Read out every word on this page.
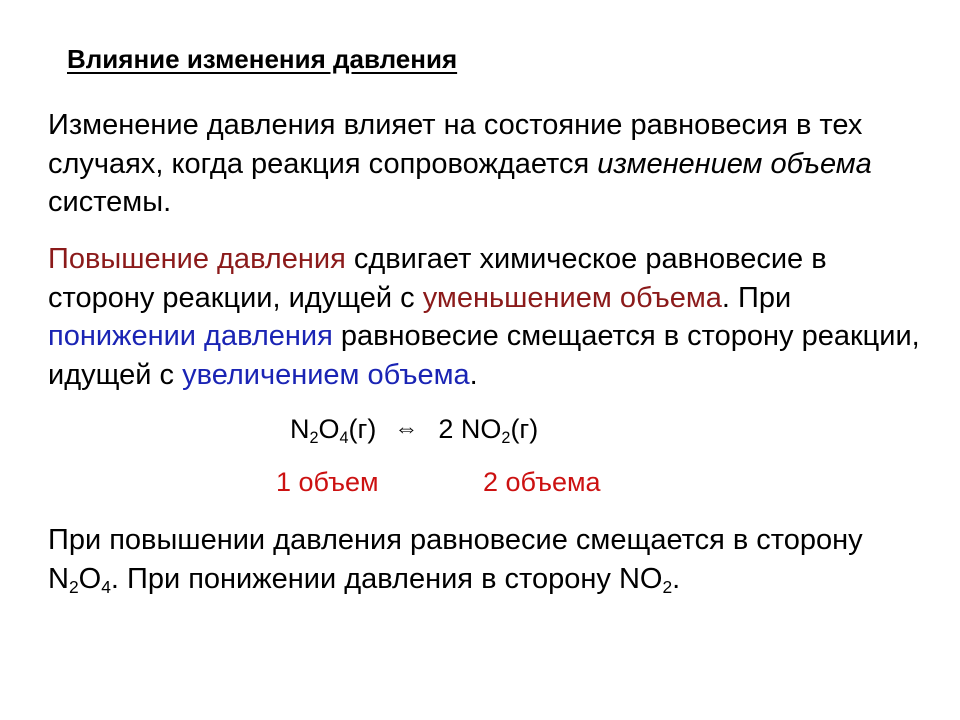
Влияние изменения давления
Изменение давления влияет на состояние равновесия в тех случаях, когда реакция сопровождается изменением объема системы.
Повышение давления сдвигает химическое равновесие в сторону реакции, идущей с уменьшением объема. При понижении давления равновесие смещается в сторону реакции, идущей с увеличением объема.
$N_2O_4(г)$ ⇔ 2 $NO_2(г)$
1 объем	2 объема
При повышении давления равновесие смещается в сторону $N_2O_4$. При понижении давления в сторону $NO_2$.
